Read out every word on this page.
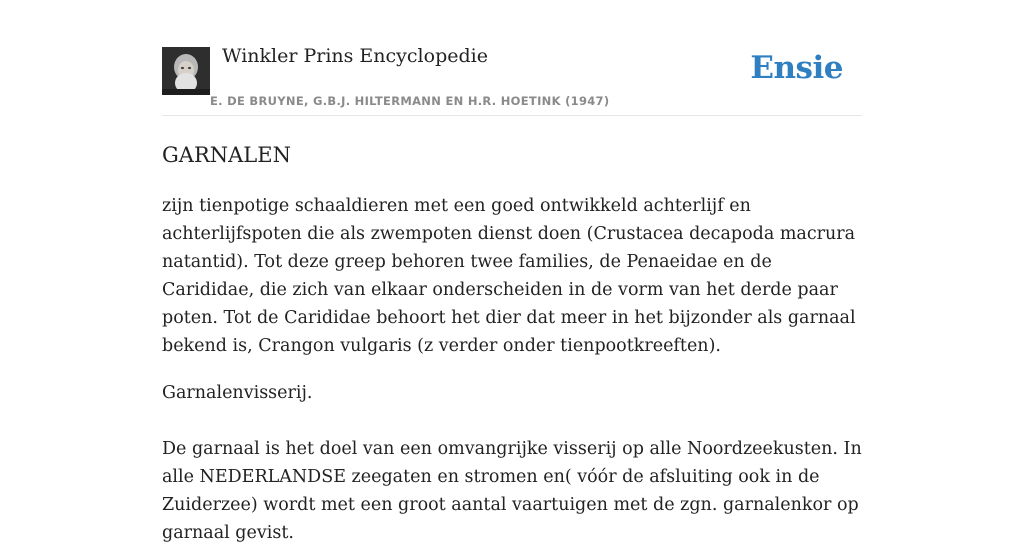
Winkler Prins Encyclopedie
E. DE BRUYNE, G.B.J. HILTERMANN EN H.R. HOETINK (1947)
Ensie
GARNALEN

zijn tienpotige schaaldieren met een goed ontwikkeld achterlijf en achterlijfspoten die als zwempoten dienst doen (Crustacea decapoda macrura natantid). Tot deze greep behoren twee families, de Penaeidae en de Carididae, die zich van elkaar onderscheiden in de vorm van het derde paar poten. Tot de Carididae behoort het dier dat meer in het bijzonder als garnaal bekend is, Crangon vulgaris (z verder onder tienpootkreeften).

Garnalenvisserij.

De garnaal is het doel van een omvangrijke visserij op alle Noordzeekusten. In alle NEDERLANDSE zeegaten en stromen en( vóór de afsluiting ook in de Zuiderzee) wordt met een groot aantal vaartuigen met de zgn. garnalenkor op garnaal gevist.
